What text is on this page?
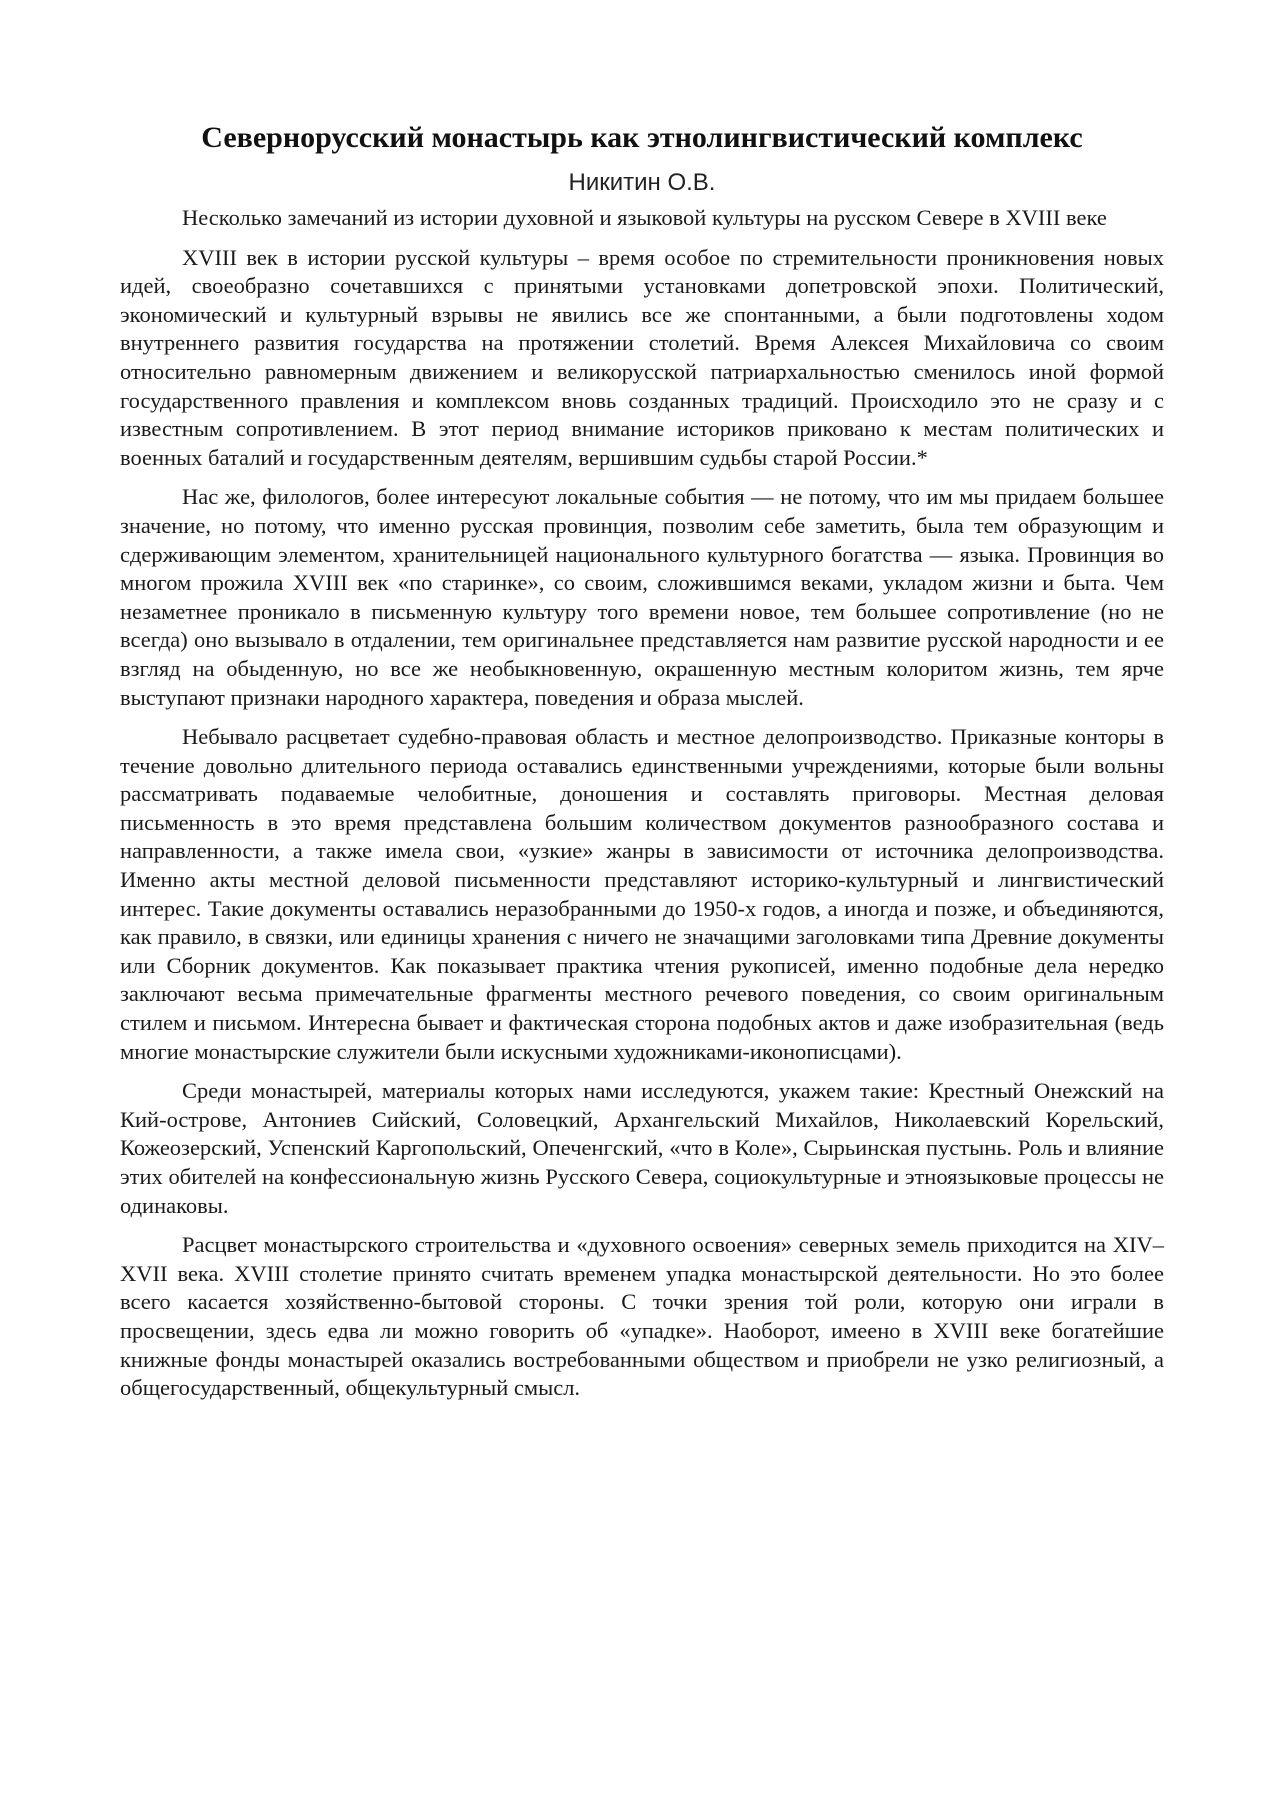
Севернорусский монастырь как этнолингвистический комплекс
Никитин О.В.

Несколько замечаний из истории духовной и языковой культуры на русском Севере в XVIII веке

XVIII век в истории русской культуры – время особое по стремительности проникновения новых идей, своеобразно сочетавшихся с принятыми установками допетровской эпохи. Политический, экономический и культурный взрывы не явились все же спонтанными, а были подготовлены ходом внутреннего развития государства на протяжении столетий. Время Алексея Михайловича со своим относительно равномерным движением и великорусской патриархальностью сменилось иной формой государственного правления и комплексом вновь созданных традиций. Происходило это не сразу и с известным сопротивлением. В этот период внимание историков приковано к местам политических и военных баталий и государственным деятелям, вершившим судьбы старой России.*

Нас же, филологов, более интересуют локальные события — не потому, что им мы придаем большее значение, но потому, что именно русская провинция, позволим себе заметить, была тем образующим и сдерживающим элементом, хранительницей национального культурного богатства — языка. Провинция во многом прожила XVIII век «по старинке», со своим, сложившимся веками, укладом жизни и быта. Чем незаметнее проникало в письменную культуру того времени новое, тем большее сопротивление (но не всегда) оно вызывало в отдалении, тем оригинальнее представляется нам развитие русской народности и ее взгляд на обыденную, но все же необыкновенную, окрашенную местным колоритом жизнь, тем ярче выступают признаки народного характера, поведения и образа мыслей.

Небывало расцветает судебно-правовая область и местное делопроизводство. Приказные конторы в течение довольно длительного периода оставались единственными учреждениями, которые были вольны рассматривать подаваемые челобитные, доношения и составлять приговоры. Местная деловая письменность в это время представлена большим количеством документов разнообразного состава и направленности, а также имела свои, «узкие» жанры в зависимости от источника делопроизводства. Именно акты местной деловой письменности представляют историко-культурный и лингвистический интерес. Такие документы оставались неразобранными до 1950-х годов, а иногда и позже, и объединяются, как правило, в связки, или единицы хранения с ничего не значащими заголовками типа Древние документы или Сборник документов. Как показывает практика чтения рукописей, именно подобные дела нередко заключают весьма примечательные фрагменты местного речевого поведения, со своим оригинальным стилем и письмом. Интересна бывает и фактическая сторона подобных актов и даже изобразительная (ведь многие монастырские служители были искусными художниками-иконописцами).

Среди монастырей, материалы которых нами исследуются, укажем такие: Крестный Онежский на Кий-острове, Антониев Сийский, Соловецкий, Архангельский Михайлов, Николаевский Корельский, Кожеозерский, Успенский Каргопольский, Опеченгский, «что в Коле», Сырьинская пустынь. Роль и влияние этих обителей на конфессиональную жизнь Русского Севера, социокультурные и этноязыковые процессы не одинаковы.

Расцвет монастырского строительства и «духовного освоения» северных земель приходится на XIV–XVII века. XVIII столетие принято считать временем упадка монастырской деятельности. Но это более всего касается хозяйственно-бытовой стороны. С точки зрения той роли, которую они играли в просвещении, здесь едва ли можно говорить об «упадке». Наоборот, имеено в XVIII веке богатейшие книжные фонды монастырей оказались востребованными обществом и приобрели не узко религиозный, а общегосударственный, общекультурный смысл.
